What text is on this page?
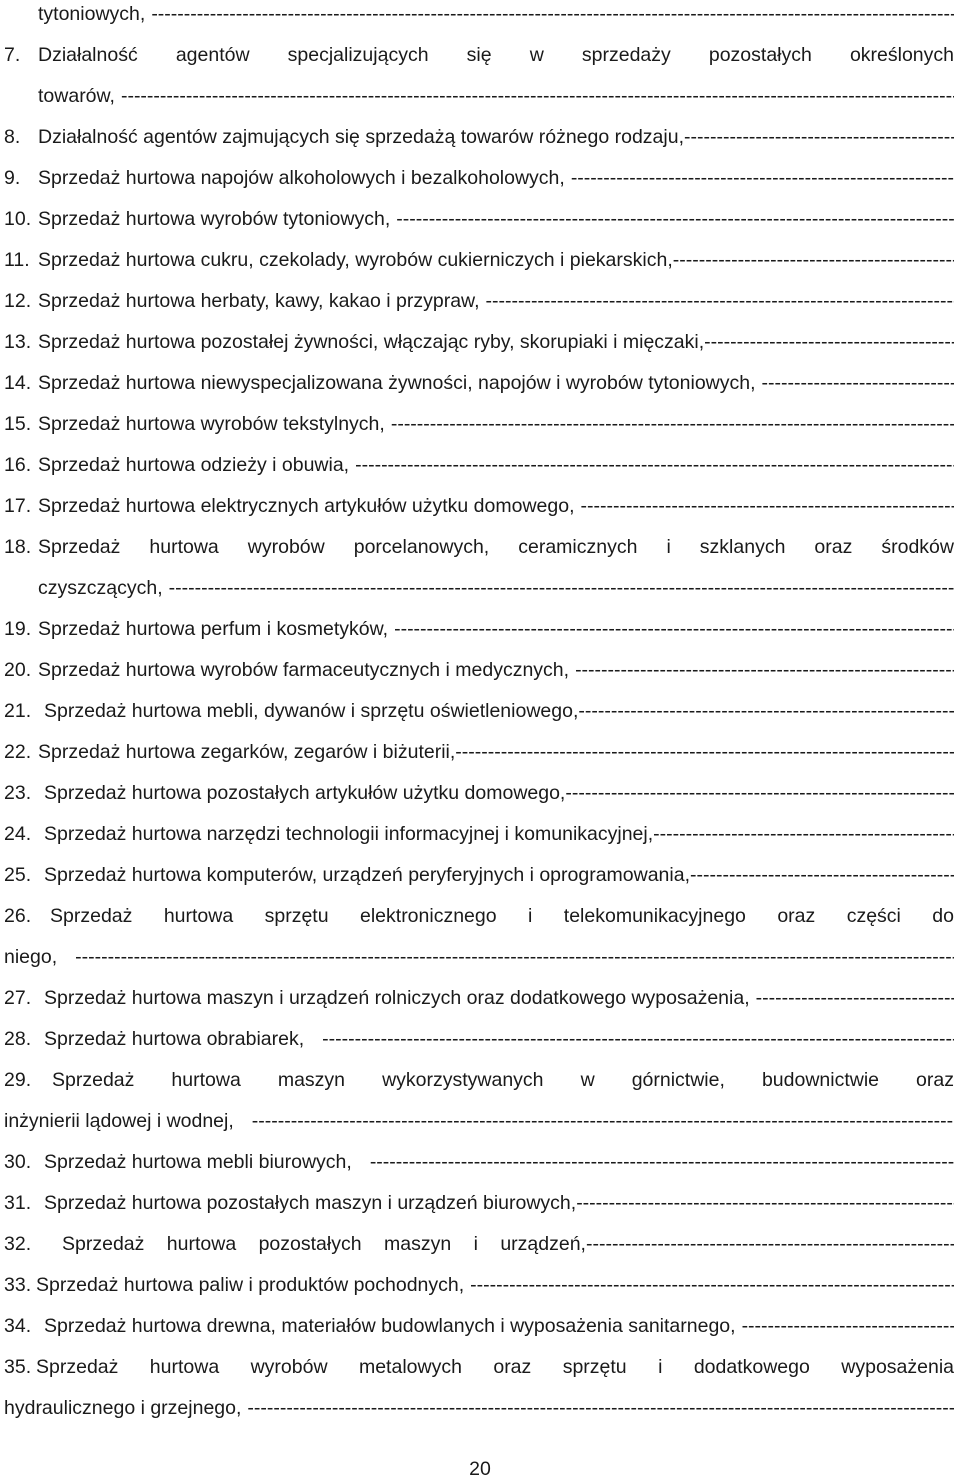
tytoniowych,
-----
7. Działalność agentów specjalizujących się w sprzedaży pozostałych określonych
towarów,
-----
8. Działalność agentów zajmujących się sprzedażą towarów różnego rodzaju,
-----
9. Sprzedaż hurtowa napojów alkoholowych i bezalkoholowych,
-----
10. Sprzedaż hurtowa wyrobów tytoniowych,
-----
11. Sprzedaż hurtowa cukru, czekolady, wyrobów cukierniczych i piekarskich,
-----
12. Sprzedaż hurtowa herbaty, kawy, kakao i przypraw,
-----
13. Sprzedaż hurtowa pozostałej żywności, włączając ryby, skorupiaki i mięczaki,
-----
14. Sprzedaż hurtowa niewyspecjalizowana żywności, napojów i wyrobów tytoniowych,
-----
15. Sprzedaż hurtowa wyrobów tekstylnych,
-----
16. Sprzedaż hurtowa odzieży i obuwia,
-----
17. Sprzedaż hurtowa elektrycznych artykułów użytku domowego,
-----
18. Sprzedaż hurtowa wyrobów porcelanowych, ceramicznych i szklanych oraz środków
czyszczących,
-----
19. Sprzedaż hurtowa perfum i kosmetyków,
-----
20. Sprzedaż hurtowa wyrobów farmaceutycznych i medycznych,
-----
21. Sprzedaż hurtowa mebli, dywanów i sprzętu oświetleniowego,
-----
22. Sprzedaż hurtowa zegarków, zegarów i biżuterii,
-----
23. Sprzedaż hurtowa pozostałych artykułów użytku domowego,
-----
24. Sprzedaż hurtowa narzędzi technologii informacyjnej i komunikacyjnej,
-----
25. Sprzedaż hurtowa komputerów, urządzeń peryferyjnych i oprogramowania,
-----
26. Sprzedaż hurtowa sprzętu elektronicznego i telekomunikacyjnego oraz części do
niego,
-----
27. Sprzedaż hurtowa maszyn i urządzeń rolniczych oraz dodatkowego wyposażenia,
-----
28. Sprzedaż hurtowa obrabiarek,
-----
29. Sprzedaż hurtowa maszyn wykorzystywanych w górnictwie, budownictwie oraz
inżynierii lądowej i wodnej,
-----
30. Sprzedaż hurtowa mebli biurowych,
-----
31. Sprzedaż hurtowa pozostałych maszyn i urządzeń biurowych,
-----
32. Sprzedaż hurtowa pozostałych maszyn i urządzeń,
-----
33. Sprzedaż hurtowa paliw i produktów pochodnych,
-----
34. Sprzedaż hurtowa drewna, materiałów budowlanych i wyposażenia sanitarnego,
-----
35. Sprzedaż hurtowa wyrobów metalowych oraz sprzętu i dodatkowego wyposażenia
hydraulicznego i grzejnego,
-----
20
